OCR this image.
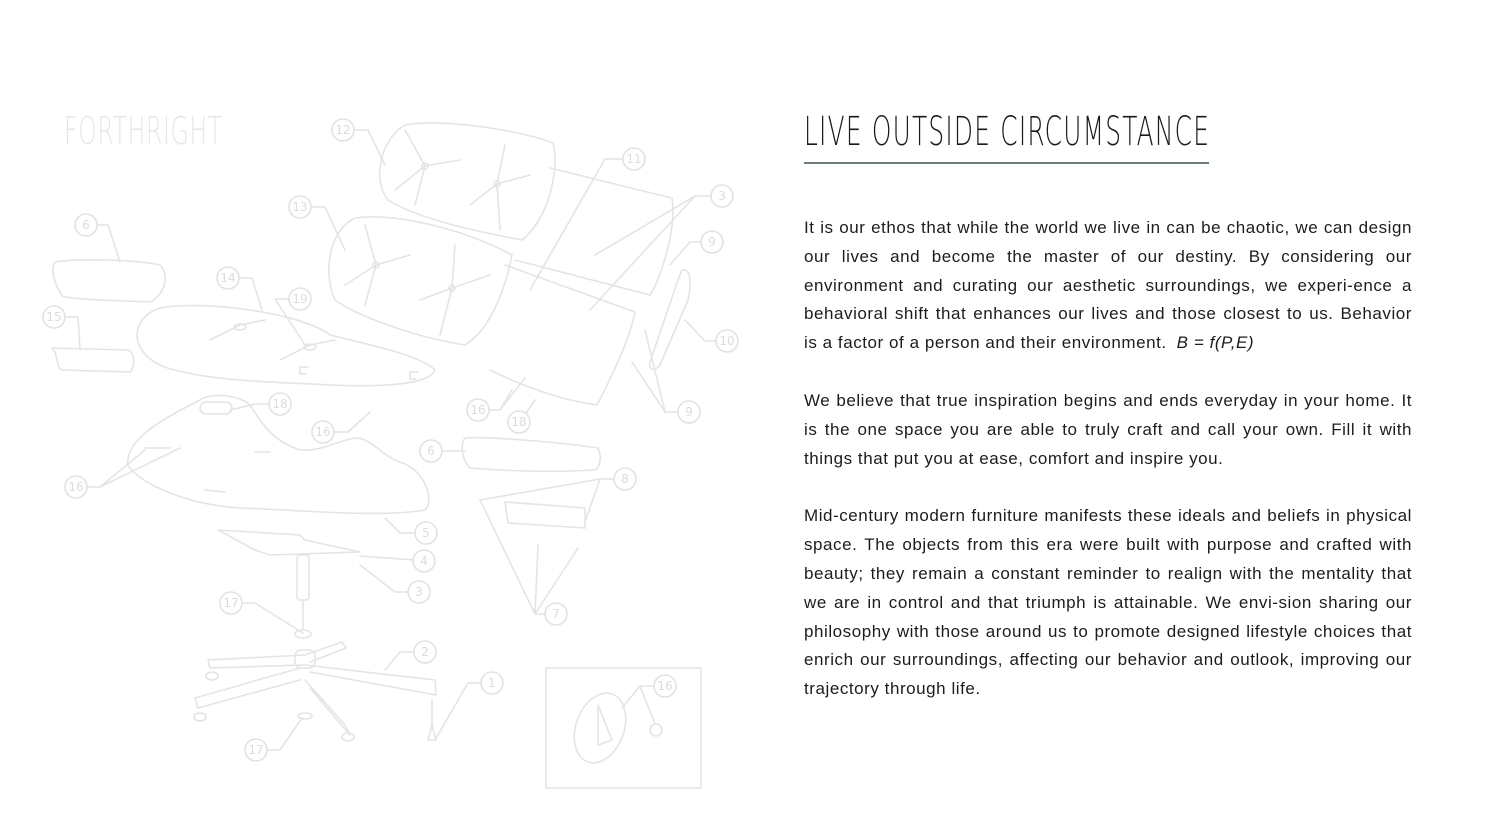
FORTHRIGHT	12
11
3
9
10
9
13
14
19
6
15
18
16
16
16
18
6
5
4
3
8
7
17
2
1
17
16
LIVE OUTSIDE CIRCUMSTANCE

It is our ethos that while the world we live in can be chaotic, we can design our lives and become the master of our destiny. By considering our environment and curating our aesthetic surroundings, we experi-ence a behavioral shift that enhances our lives and those closest to us. Behavior is a factor of a person and their environment. B = f(P,E)

We believe that true inspiration begins and ends everyday in your home. It is the one space you are able to truly craft and call your own. Fill it with things that put you at ease, comfort and inspire you.

Mid-century modern furniture manifests these ideals and beliefs in physical space. The objects from this era were built with purpose and crafted with beauty; they remain a constant reminder to realign with the mentality that we are in control and that triumph is attainable. We envi-sion sharing our philosophy with those around us to promote designed lifestyle choices that enrich our surroundings, affecting our behavior and outlook, improving our trajectory through life.
